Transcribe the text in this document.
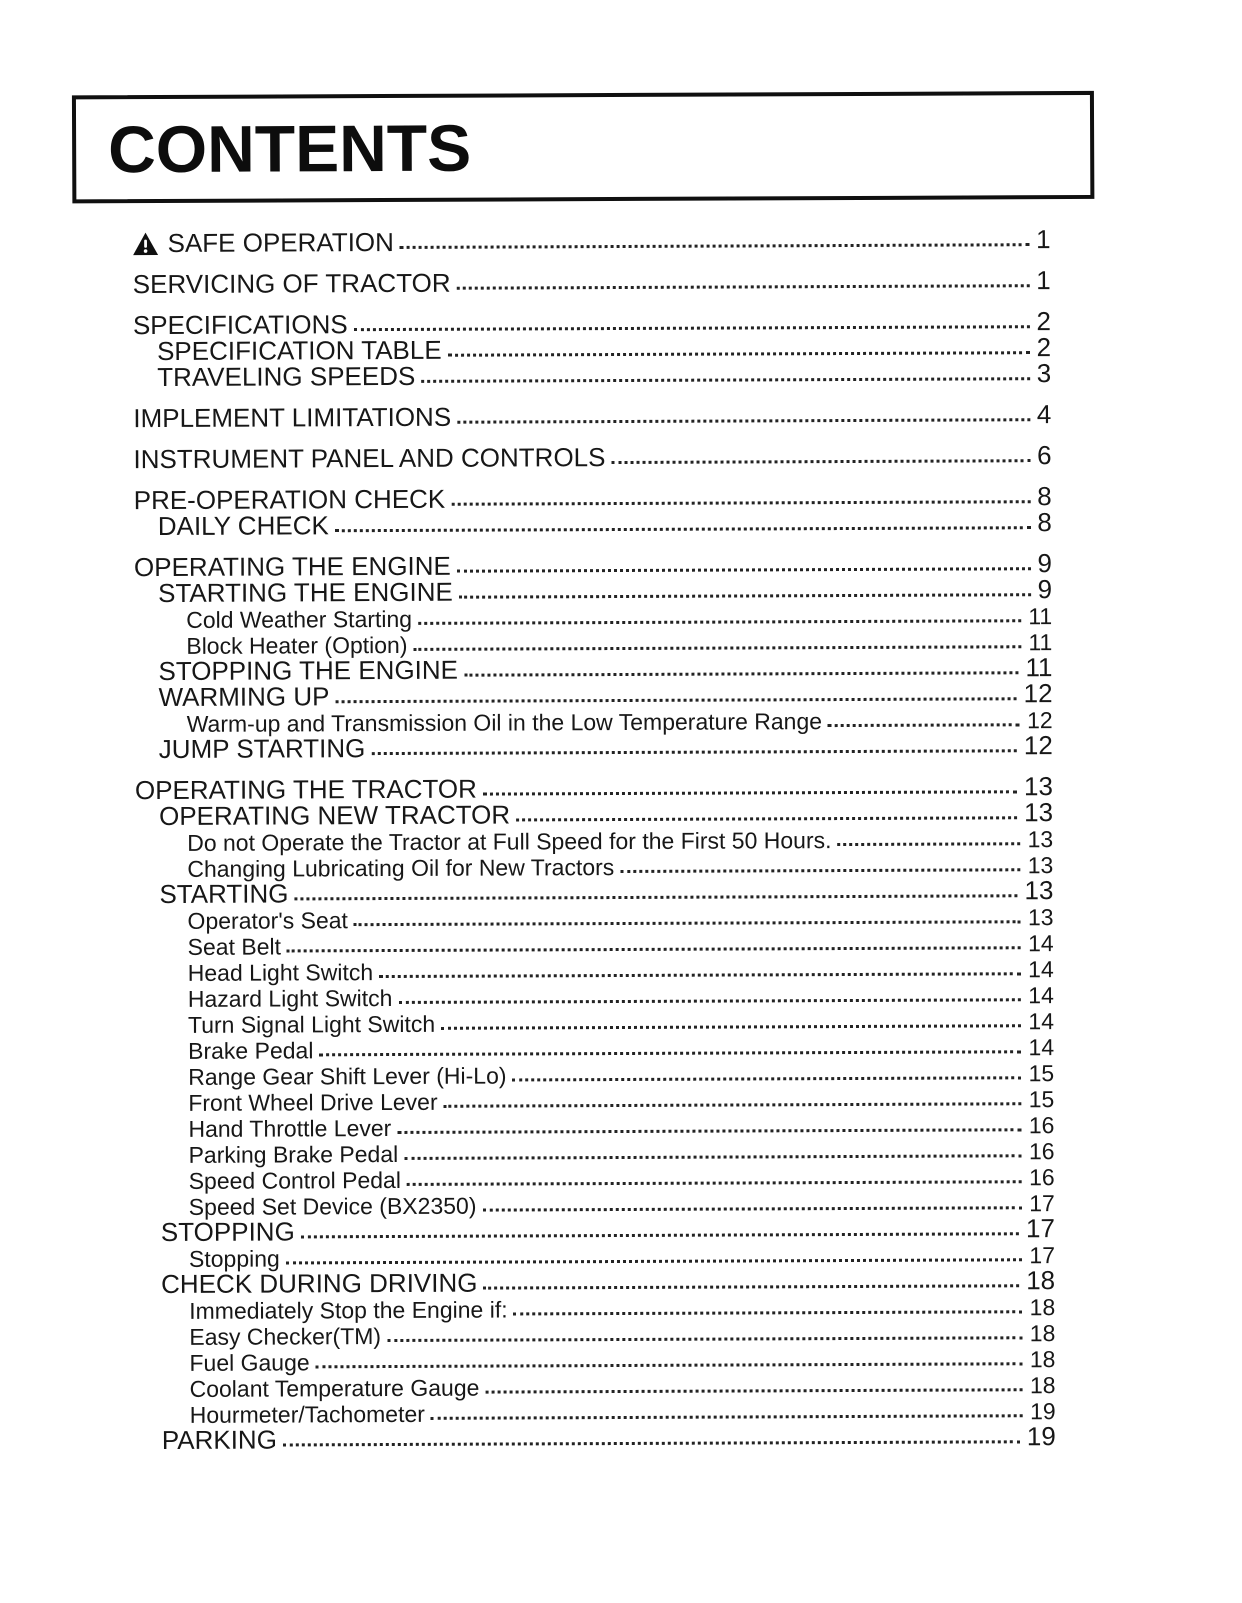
CONTENTS
SAFE OPERATION	1
SERVICING OF TRACTOR	1
SPECIFICATIONS	2
SPECIFICATION TABLE	2
TRAVELING SPEEDS	3
IMPLEMENT LIMITATIONS	4
INSTRUMENT PANEL AND CONTROLS	6
PRE-OPERATION CHECK	8
DAILY CHECK	8
OPERATING THE ENGINE	9
STARTING THE ENGINE	9
Cold Weather Starting	11
Block Heater (Option)	11
STOPPING THE ENGINE	11
WARMING UP	12
Warm-up and Transmission Oil in the Low Temperature Range	12
JUMP STARTING	12
OPERATING THE TRACTOR	13
OPERATING NEW TRACTOR	13
Do not Operate the Tractor at Full Speed for the First 50 Hours.	13
Changing Lubricating Oil for New Tractors	13
STARTING	13
Operator's Seat	13
Seat Belt	14
Head Light Switch	14
Hazard Light Switch	14
Turn Signal Light Switch	14
Brake Pedal	14
Range Gear Shift Lever (Hi-Lo)	15
Front Wheel Drive Lever	15
Hand Throttle Lever	16
Parking Brake Pedal	16
Speed Control Pedal	16
Speed Set Device (BX2350)	17
STOPPING	17
Stopping	17
CHECK DURING DRIVING	18
Immediately Stop the Engine if:	18
Easy Checker(TM)	18
Fuel Gauge	18
Coolant Temperature Gauge	18
Hourmeter/Tachometer	19
PARKING	19
